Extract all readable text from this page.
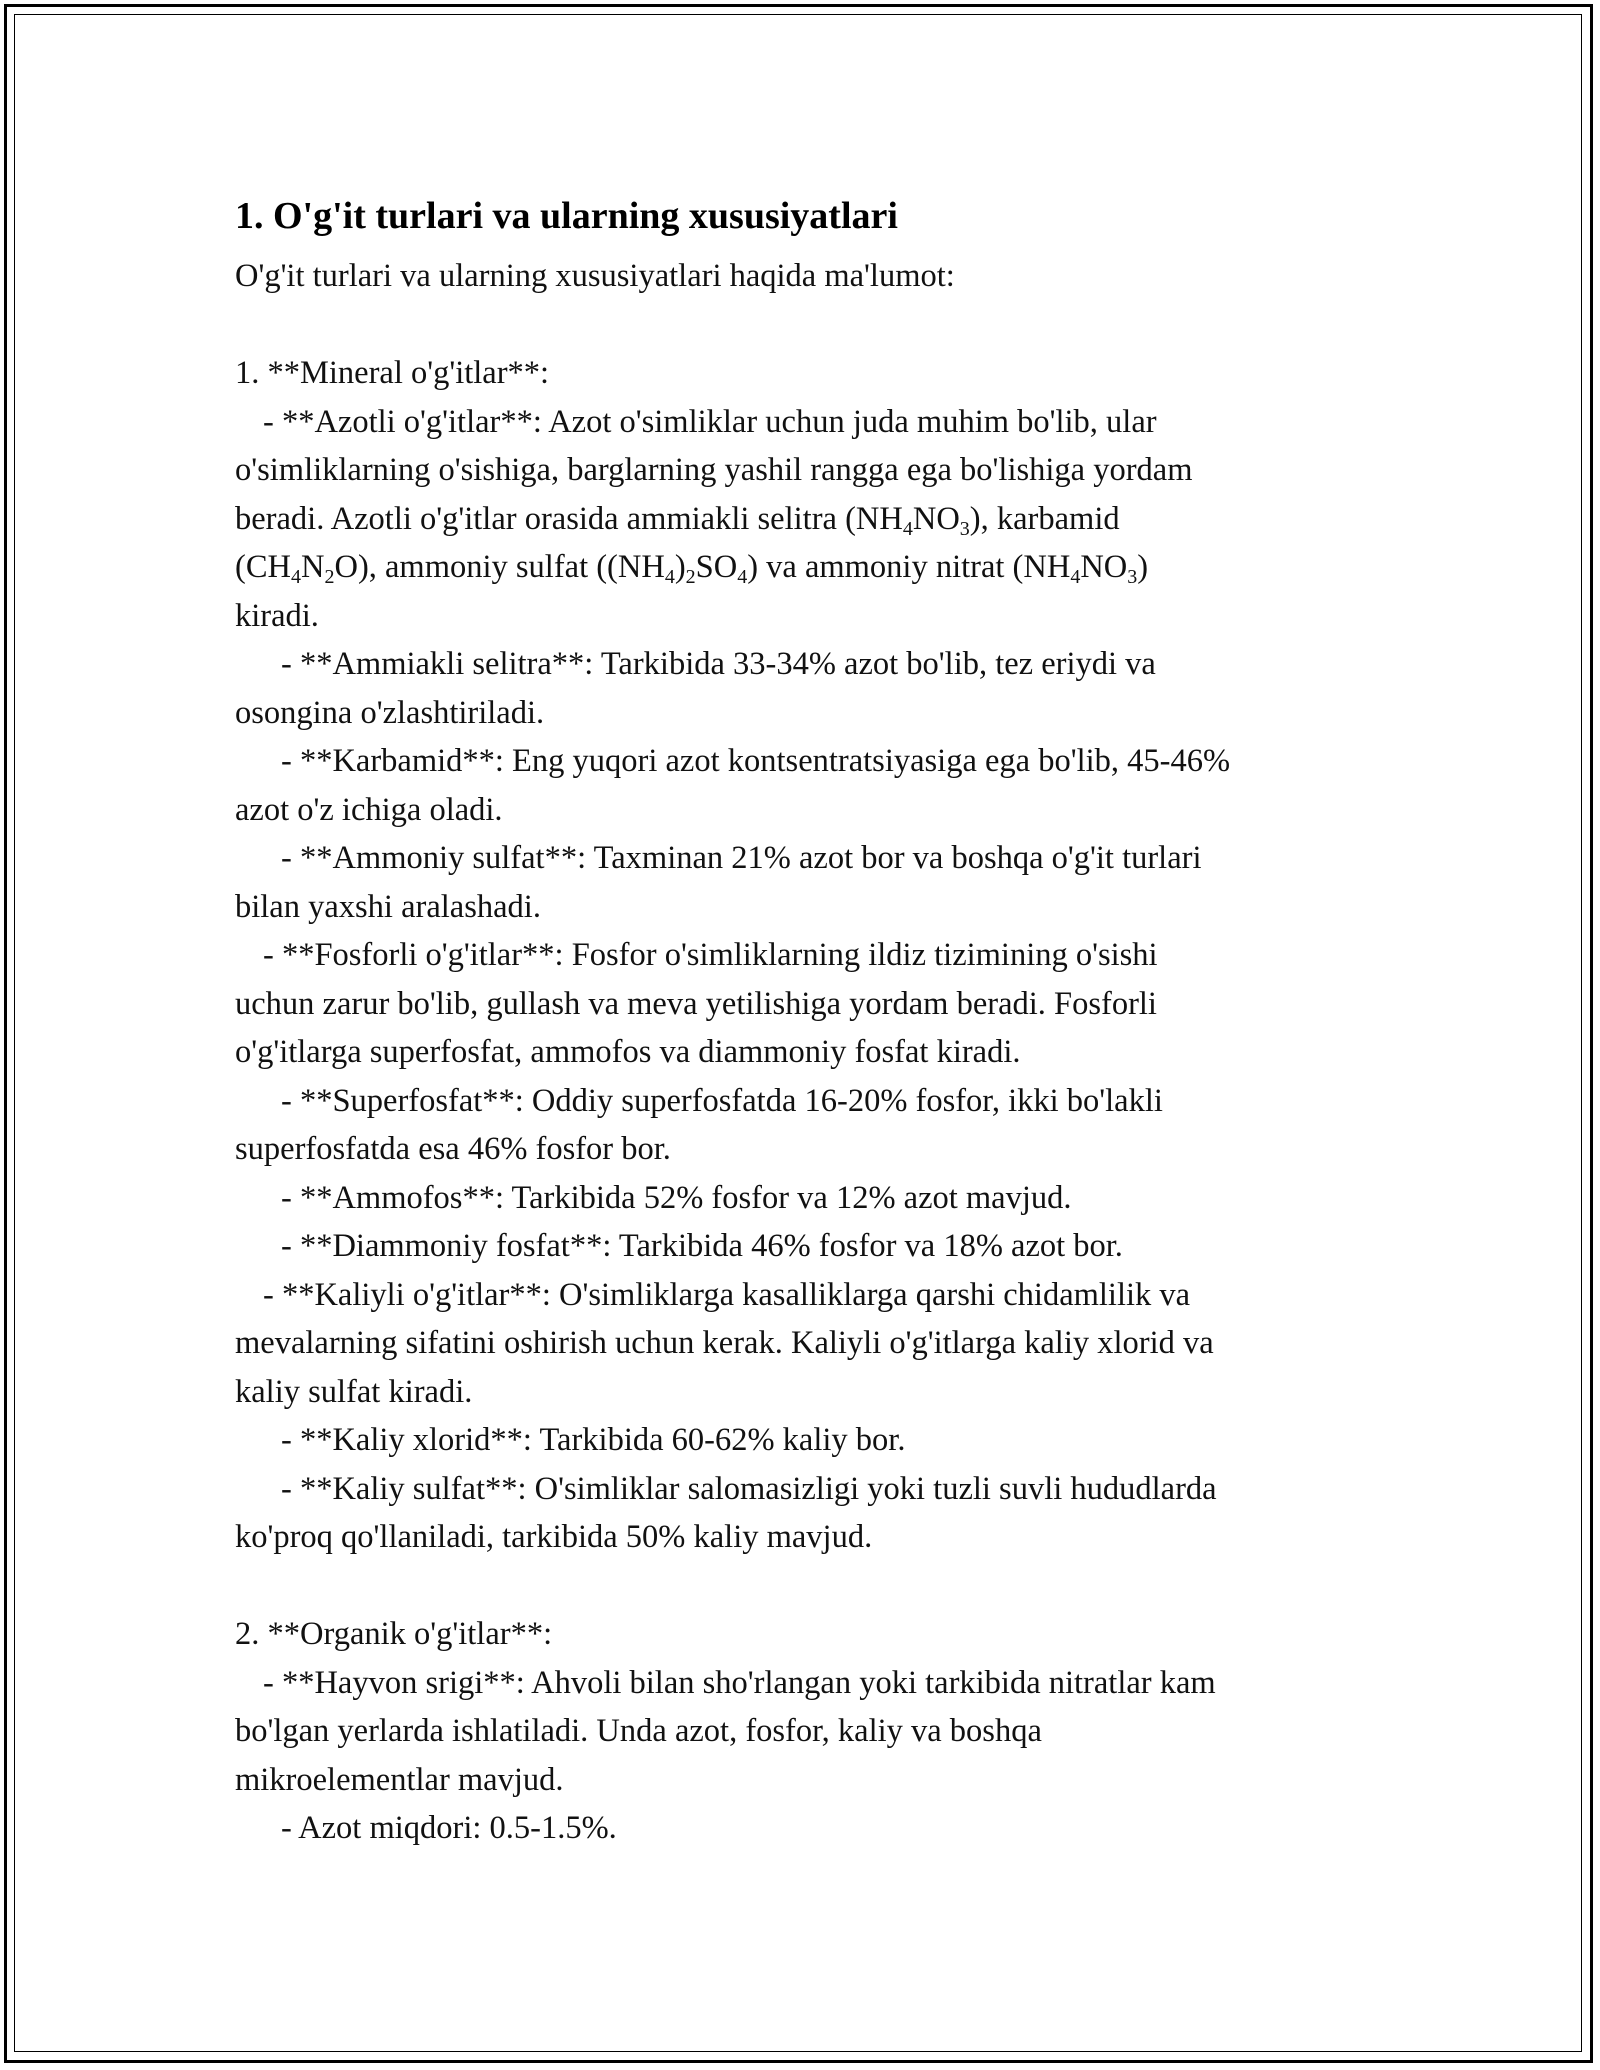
1. O'g'it turlari va ularning xususiyatlari
O'g'it turlari va ularning xususiyatlari haqida ma'lumot:
1. **Mineral o'g'itlar**:
- **Azotli o'g'itlar**: Azot o'simliklar uchun juda muhim bo'lib, ular
o'simliklarning o'sishiga, barglarning yashil rangga ega bo'lishiga yordam
beradi. Azotli o'g'itlar orasida ammiakli selitra $(NH_4NO_3)$, karbamid
$(CH_4N_2O)$, ammoniy sulfat $((NH_4)_2SO_4)$ va ammoniy nitrat $(NH_4NO_3)$
kiradi.
- **Ammiakli selitra**: Tarkibida 33-34% azot bo'lib, tez eriydi va
osongina o'zlashtiriladi.
- **Karbamid**: Eng yuqori azot kontsentratsiyasiga ega bo'lib, 45-46%
azot o'z ichiga oladi.
- **Ammoniy sulfat**: Taxminan 21% azot bor va boshqa o'g'it turlari
bilan yaxshi aralashadi.
- **Fosforli o'g'itlar**: Fosfor o'simliklarning ildiz tizimining o'sishi
uchun zarur bo'lib, gullash va meva yetilishiga yordam beradi. Fosforli
o'g'itlarga superfosfat, ammofos va diammoniy fosfat kiradi.
- **Superfosfat**: Oddiy superfosfatda 16-20% fosfor, ikki bo'lakli
superfosfatda esa 46% fosfor bor.
- **Ammofos**: Tarkibida 52% fosfor va 12% azot mavjud.
- **Diammoniy fosfat**: Tarkibida 46% fosfor va 18% azot bor.
- **Kaliyli o'g'itlar**: O'simliklarga kasalliklarga qarshi chidamlilik va
mevalarning sifatini oshirish uchun kerak. Kaliyli o'g'itlarga kaliy xlorid va
kaliy sulfat kiradi.
- **Kaliy xlorid**: Tarkibida 60-62% kaliy bor.
- **Kaliy sulfat**: O'simliklar salomasizligi yoki tuzli suvli hududlarda
ko'proq qo'llaniladi, tarkibida 50% kaliy mavjud.
2. **Organik o'g'itlar**:
- **Hayvon srigi**: Ahvoli bilan sho'rlangan yoki tarkibida nitratlar kam
bo'lgan yerlarda ishlatiladi. Unda azot, fosfor, kaliy va boshqa
mikroelementlar mavjud.
- Azot miqdori: 0.5-1.5%.
